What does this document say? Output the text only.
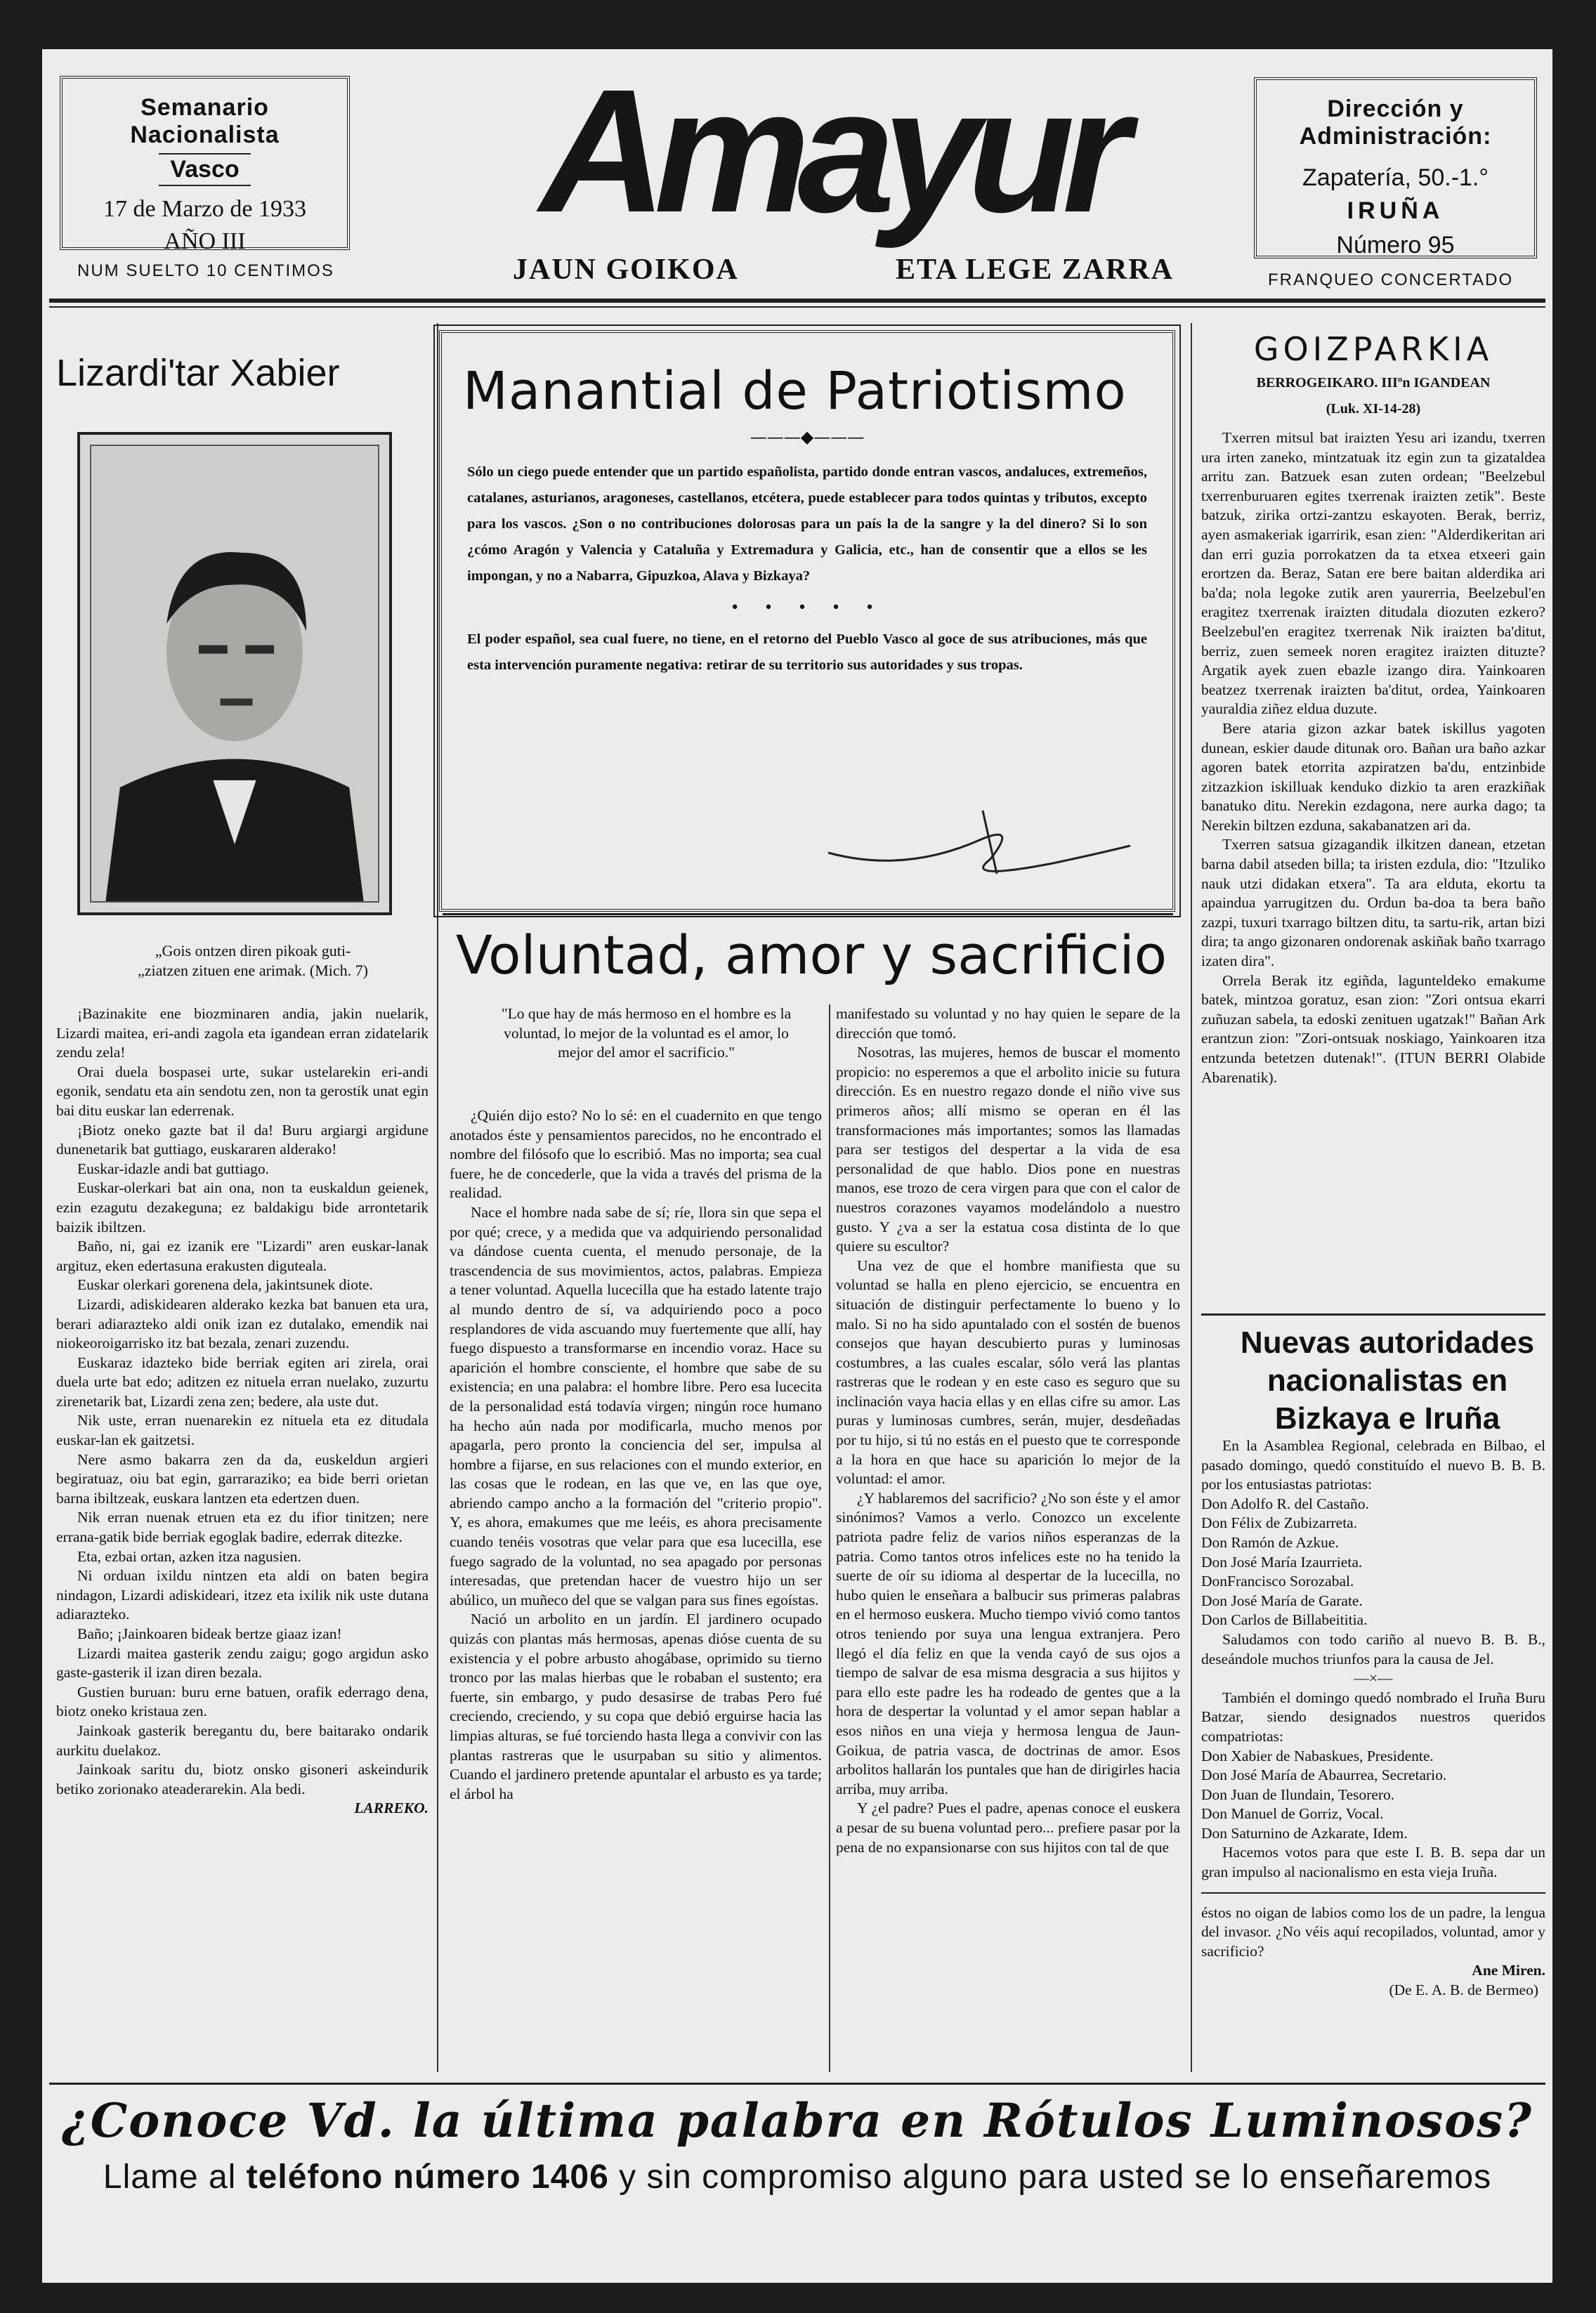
Semanario Nacionalista
Vasco
17 de Marzo de 1933
AÑO III
NUM SUELTO 10 CENTIMOS
Amayur
JAUN GOIKOA	ETA LEGE ZARRA
Dirección y Administración:
Zapatería, 50.-1.°
IRUÑA
Número 95
FRANQUEO CONCERTADO
Lizardi'tar Xabier
„Gois ontzen diren pikoak guti-
„ziatzen zituen ene arimak. (Mich. 7)

¡Bazinakite ene biozminaren andia, jakin nuelarik, Lizardi maitea, eri-andi zagola eta igandean erran zidatelarik zendu zela!

Orai duela bospasei urte, sukar ustelarekin eri-andi egonik, sendatu eta ain sendotu zen, non ta gerostik unat egin bai ditu euskar lan ederrenak.

¡Biotz oneko gazte bat il da! Buru argiargi argidune dunenetarik bat guttiago, euskararen alderako!

Euskar-idazle andi bat guttiago.

Euskar-olerkari bat ain ona, non ta euskaldun geienek, ezin ezagutu dezakeguna; ez baldakigu bide arrontetarik baizik ibiltzen.

Baño, ni, gai ez izanik ere "Lizardi" aren euskar-lanak argituz, eken edertasuna erakusten diguteala.

Euskar olerkari gorenena dela, jakintsunek diote.

Lizardi, adiskidearen alderako kezka bat banuen eta ura, berari adiarazteko aldi onik izan ez dutalako, emendik nai niokeoroigarrisko itz bat bezala, zenari zuzendu.

Euskaraz idazteko bide berriak egiten ari zirela, orai duela urte bat edo; aditzen ez nituela erran nuelako, zuzurtu zirenetarik bat, Lizardi zena zen; bedere, ala uste dut.

Nik uste, erran nuenarekin ez nituela eta ez ditudala euskar-lan ek gaitzetsi.

Nere asmo bakarra zen da da, euskeldun argieri begiratuaz, oiu bat egin, garraraziko; ea bide berri orietan barna ibiltzeak, euskara lantzen eta edertzen duen.

Nik erran nuenak etruen eta ez du ifior tinitzen; nere errana-gatik bide berriak egoglak badire, ederrak ditezke.

Eta, ezbai ortan, azken itza nagusien.

Ni orduan ixildu nintzen eta aldi on baten begira nindagon, Lizardi adiskideari, itzez eta ixilik nik uste dutana adiarazteko.

Baño; ¡Jainkoaren bideak bertze giaaz izan!

Lizardi maitea gasterik zendu zaigu; gogo argidun asko gaste-gasterik il izan diren bezala.

Gustien buruan: buru erne batuen, orafik ederrago dena, biotz oneko kristaua zen.

Jainkoak gasterik beregantu du, bere baitarako ondarik aurkitu duelakoz.

Jainkoak saritu du, biotz onsko gisoneri askeindurik betiko zorionako ateaderarekin. Ala bedi.

LARREKO.

Manantial de Patriotismo
———◆———
Sólo un ciego puede entender que un partido españolista, partido donde entran vascos, andaluces, extremeños, catalanes, asturianos, aragoneses, castellanos, etcétera, puede establecer para todos quintas y tributos, excepto para los vascos. ¿Son o no contribuciones dolorosas para un país la de la sangre y la del dinero? Si lo son ¿cómo Aragón y Valencia y Cataluña y Extremadura y Galicia, etc., han de consentir que a ellos se les impongan, y no a Nabarra, Gipuzkoa, Alava y Bizkaya?
• • • • •
El poder español, sea cual fuere, no tiene, en el retorno del Pueblo Vasco al goce de sus atribuciones, más que esta intervención puramente negativa: retirar de su territorio sus autoridades y sus tropas.
Voluntad, amor y sacrificio
"Lo que hay de más hermoso en el hombre es la voluntad, lo mejor de la voluntad es el amor, lo mejor del amor el sacrificio."

¿Quién dijo esto? No lo sé: en el cuadernito en que tengo anotados éste y pensamientos parecidos, no he encontrado el nombre del filósofo que lo escribió. Mas no importa; sea cual fuere, he de concederle, que la vida a través del prisma de la realidad.

Nace el hombre nada sabe de sí; ríe, llora sin que sepa el por qué; crece, y a medida que va adquiriendo personalidad va dándose cuenta cuenta, el menudo personaje, de la trascendencia de sus movimientos, actos, palabras. Empieza a tener voluntad. Aquella lucecilla que ha estado latente trajo al mundo dentro de sí, va adquiriendo poco a poco resplandores de vida ascuando muy fuertemente que allí, hay fuego dispuesto a transformarse en incendio voraz. Hace su aparición el hombre consciente, el hombre que sabe de su existencia; en una palabra: el hombre libre. Pero esa lucecita de la personalidad está todavía virgen; ningún roce humano ha hecho aún nada por modificarla, mucho menos por apagarla, pero pronto la conciencia del ser, impulsa al hombre a fijarse, en sus relaciones con el mundo exterior, en las cosas que le rodean, en las que ve, en las que oye, abriendo campo ancho a la formación del "criterio propio". Y, es ahora, emakumes que me leéis, es ahora precisamente cuando tenéis vosotras que velar para que esa lucecilla, ese fuego sagrado de la voluntad, no sea apagado por personas interesadas, que pretendan hacer de vuestro hijo un ser abúlico, un muñeco del que se valgan para sus fines egoístas.

Nació un arbolito en un jardín. El jardinero ocupado quizás con plantas más hermosas, apenas dióse cuenta de su existencia y el pobre arbusto ahogábase, oprimido su tierno tronco por las malas hierbas que le robaban el sustento; era fuerte, sin embargo, y pudo desasirse de trabas Pero fué creciendo, creciendo, y su copa que debió erguirse hacia las limpias alturas, se fué torciendo hasta llega a convivir con las plantas rastreras que le usurpaban su sitio y alimentos. Cuando el jardinero pretende apuntalar el arbusto es ya tarde; el árbol ha

manifestado su voluntad y no hay quien le separe de la dirección que tomó.

Nosotras, las mujeres, hemos de buscar el momento propicio: no esperemos a que el arbolito inicie su futura dirección. Es en nuestro regazo donde el niño vive sus primeros años; allí mismo se operan en él las transformaciones más importantes; somos las llamadas para ser testigos del despertar a la vida de esa personalidad de que hablo. Dios pone en nuestras manos, ese trozo de cera virgen para que con el calor de nuestros corazones vayamos modelándolo a nuestro gusto. Y ¿va a ser la estatua cosa distinta de lo que quiere su escultor?

Una vez de que el hombre manifiesta que su voluntad se halla en pleno ejercicio, se encuentra en situación de distinguir perfectamente lo bueno y lo malo. Si no ha sido apuntalado con el sostén de buenos consejos que hayan descubierto puras y luminosas costumbres, a las cuales escalar, sólo verá las plantas rastreras que le rodean y en este caso es seguro que su inclinación vaya hacia ellas y en ellas cifre su amor. Las puras y luminosas cumbres, serán, mujer, desdeñadas por tu hijo, si tú no estás en el puesto que te corresponde a la hora en que hace su aparición lo mejor de la voluntad: el amor.

¿Y hablaremos del sacrificio? ¿No son éste y el amor sinónimos? Vamos a verlo. Conozco un excelente patriota padre feliz de varios niños esperanzas de la patria. Como tantos otros infelices este no ha tenido la suerte de oír su idioma al despertar de la lucecilla, no hubo quien le enseñara a balbucir sus primeras palabras en el hermoso euskera. Mucho tiempo vivió como tantos otros teniendo por suya una lengua extranjera. Pero llegó el día feliz en que la venda cayó de sus ojos a tiempo de salvar de esa misma desgracia a sus hijitos y para ello este padre les ha rodeado de gentes que a la hora de despertar la voluntad y el amor sepan hablar a esos niños en una vieja y hermosa lengua de Jaun-Goikua, de patria vasca, de doctrinas de amor. Esos arbolitos hallarán los puntales que han de dirigirles hacia arriba, muy arriba.

Y ¿el padre? Pues el padre, apenas conoce el euskera a pesar de su buena voluntad pero... prefiere pasar por la pena de no expansionarse con sus hijitos con tal de que

GOIZPARKIA
BERROGEIKARO. IIIºn IGANDEAN
(Luk. XI-14-28)

Txerren mitsul bat iraizten Yesu ari izandu, txerren ura irten zaneko, mintzatuak itz egin zun ta gizataldea arritu zan. Batzuek esan zuten ordean; "Beelzebul txerrenburuaren egites txerrenak iraizten zetik". Beste batzuk, zirika ortzi-zantzu eskayoten. Berak, berriz, ayen asmakeriak igarririk, esan zien: "Alderdikeritan ari dan erri guzia porrokatzen da ta etxea etxeeri gain erortzen da. Beraz, Satan ere bere baitan alderdika ari ba'da; nola legoke zutik aren yaurerria, Beelzebul'en eragitez txerrenak iraizten ditudala diozuten ezkero? Beelzebul'en eragitez txerrenak Nik iraizten ba'ditut, berriz, zuen semeek noren eragitez iraizten dituzte? Argatik ayek zuen ebazle izango dira. Yainkoaren beatzez txerrenak iraizten ba'ditut, ordea, Yainkoaren yauraldia ziñez eldua duzute.

Bere ataria gizon azkar batek iskillus yagoten dunean, eskier daude ditunak oro. Bañan ura baño azkar agoren batek etorrita azpiratzen ba'du, entzinbide zitzazkion iskilluak kenduko dizkio ta aren erazkiñak banatuko ditu. Nerekin ezdagona, nere aurka dago; ta Nerekin biltzen ezduna, sakabanatzen ari da.

Txerren satsua gizagandik ilkitzen danean, etzetan barna dabil atseden billa; ta iristen ezdula, dio: "Itzuliko nauk utzi didakan etxera". Ta ara elduta, ekortu ta apaindua yarrugitzen du. Ordun ba-doa ta bera baño zazpi, tuxuri txarrago biltzen ditu, ta sartu-rik, artan bizi dira; ta ango gizonaren ondorenak askiñak baño txarrago izaten dira".

Orrela Berak itz egiñda, lagunteldeko emakume batek, mintzoa goratuz, esan zion: "Zori ontsua ekarri zuñuzan sabela, ta edoski zenituen ugatzak!" Bañan Ark erantzun zion: "Zori-ontsuak noskiago, Yainkoaren itza entzunda betetzen dutenak!". (ITUN BERRI Olabide Abarenatik).

Nuevas autoridades nacionalistas en Bizkaya e Iruña

En la Asamblea Regional, celebrada en Bilbao, el pasado domingo, quedó constituído el nuevo B. B. B. por los entusiastas patriotas:

Don Adolfo R. del Castaño.

Don Félix de Zubizarreta.

Don Ramón de Azkue.

Don José María Izaurrieta.

DonFrancisco Sorozabal.

Don José María de Garate.

Don Carlos de Billabeititia.

Saludamos con todo cariño al nuevo B. B. B., deseándole muchos triunfos para la causa de Jel.

—×—

También el domingo quedó nombrado el Iruña Buru Batzar, siendo designados nuestros queridos compatriotas:

Don Xabier de Nabaskues, Presidente.

Don José María de Abaurrea, Secretario.

Don Juan de Ilundain, Tesorero.

Don Manuel de Gorriz, Vocal.

Don Saturnino de Azkarate, Idem.

Hacemos votos para que este I. B. B. sepa dar un gran impulso al nacionalismo en esta vieja Iruña.

éstos no oigan de labios como los de un padre, la lengua del invasor. ¿No véis aquí recopilados, voluntad, amor y sacrificio?

Ane Miren.

(De E. A. B. de Bermeo)

¿Conoce Vd. la última palabra en Rótulos Luminosos?
Llame al teléfono número 1406 y sin compromiso alguno para usted se lo enseñaremos
